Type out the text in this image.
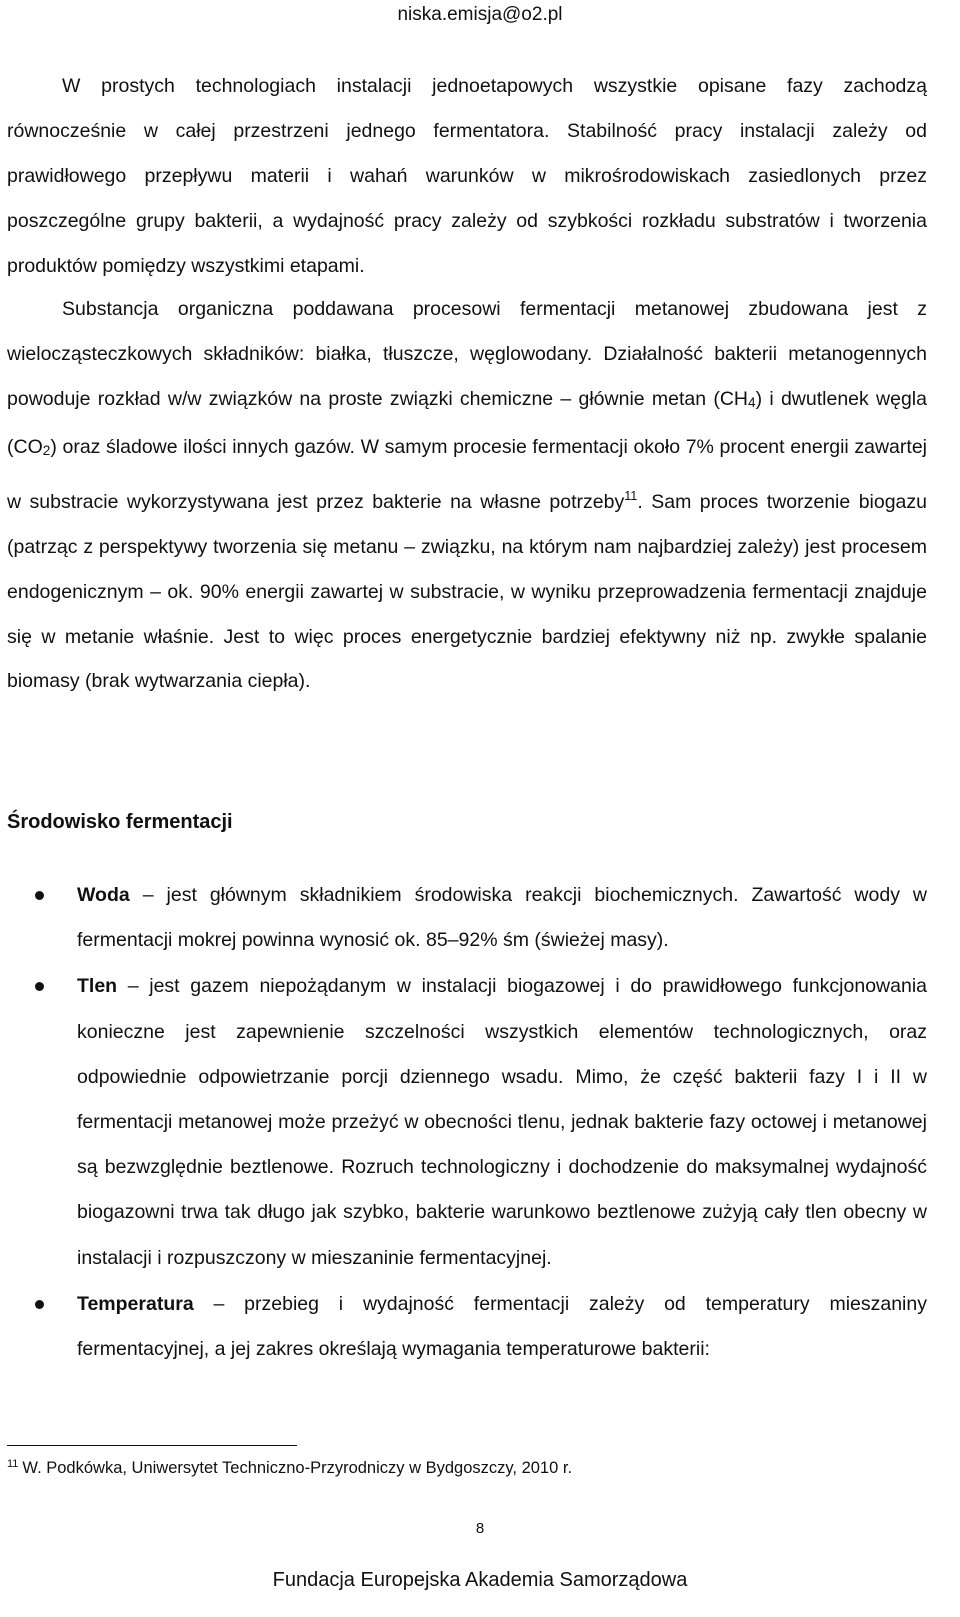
niska.emisja@o2.pl
W prostych technologiach instalacji jednoetapowych wszystkie opisane fazy zachodzą równocześnie w całej przestrzeni jednego fermentatora. Stabilność pracy instalacji zależy od prawidłowego przepływu materii i wahań warunków w mikrośrodowiskach zasiedlonych przez poszczególne grupy bakterii, a wydajność pracy zależy od szybkości rozkładu substratów i tworzenia produktów pomiędzy wszystkimi etapami.
Substancja organiczna poddawana procesowi fermentacji metanowej zbudowana jest z wielocząsteczkowych składników: białka, tłuszcze, węglowodany. Działalność bakterii metanogennych powoduje rozkład w/w związków na proste związki chemiczne – głównie metan (CH4) i dwutlenek węgla (CO2) oraz śladowe ilości innych gazów. W samym procesie fermentacji około 7% procent energii zawartej w substracie wykorzystywana jest przez bakterie na własne potrzeby$^{11}$. Sam proces tworzenie biogazu (patrząc z perspektywy tworzenia się metanu – związku, na którym nam najbardziej zależy) jest procesem endogenicznym – ok. 90% energii zawartej w substracie, w wyniku przeprowadzenia fermentacji znajduje się w metanie właśnie. Jest to więc proces energetycznie bardziej efektywny niż np. zwykłe spalanie biomasy (brak wytwarzania ciepła).
Środowisko fermentacji
Woda – jest głównym składnikiem środowiska reakcji biochemicznych. Zawartość wody w fermentacji mokrej powinna wynosić ok. 85–92% śm (świeżej masy).
Tlen – jest gazem niepożądanym w instalacji biogazowej i do prawidłowego funkcjonowania konieczne jest zapewnienie szczelności wszystkich elementów technologicznych, oraz odpowiednie odpowietrzanie porcji dziennego wsadu. Mimo, że część bakterii fazy I i II w fermentacji metanowej może przeżyć w obecności tlenu, jednak bakterie fazy octowej i metanowej są bezwzględnie beztlenowe. Rozruch technologiczny i dochodzenie do maksymalnej wydajność biogazowni trwa tak długo jak szybko, bakterie warunkowo beztlenowe zużyją cały tlen obecny w instalacji i rozpuszczony w mieszaninie fermentacyjnej.
Temperatura – przebieg i wydajność fermentacji zależy od temperatury mieszaniny fermentacyjnej, a jej zakres określają wymagania temperaturowe bakterii:
$^{11}$ W. Podkówka, Uniwersytet Techniczno-Przyrodniczy w Bydgoszczy, 2010 r.
8
Fundacja Europejska Akademia Samorządowa
